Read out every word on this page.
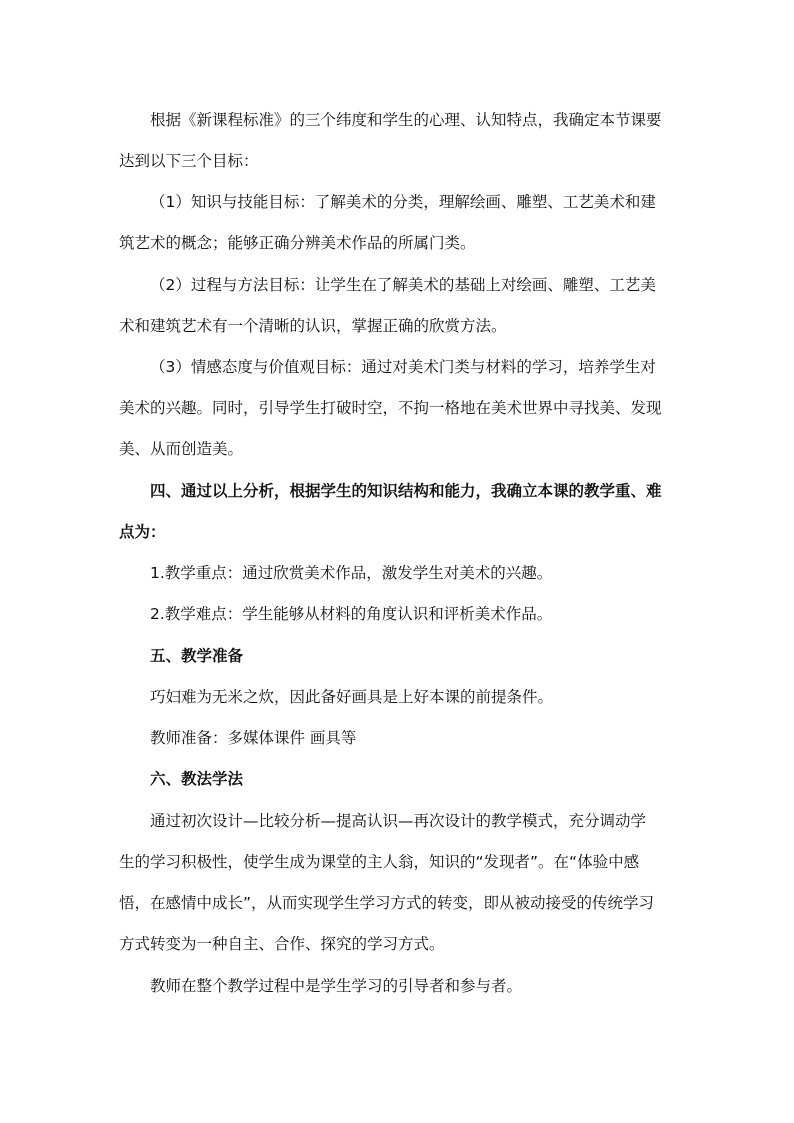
根据《新课程标准》的三个纬度和学生的心理、认知特点，我确定本节课要
达到以下三个目标：
（1）知识与技能目标：了解美术的分类，理解绘画、雕塑、工艺美术和建
筑艺术的概念；能够正确分辨美术作品的所属门类。
（2）过程与方法目标：让学生在了解美术的基础上对绘画、雕塑、工艺美
术和建筑艺术有一个清晰的认识，掌握正确的欣赏方法。
（3）情感态度与价值观目标：通过对美术门类与材料的学习，培养学生对
美术的兴趣。同时，引导学生打破时空，不拘一格地在美术世界中寻找美、发现
美、从而创造美。
四、通过以上分析，根据学生的知识结构和能力，我确立本课的教学重、难
点为：
1.教学重点：通过欣赏美术作品，激发学生对美术的兴趣。
2.教学难点：学生能够从材料的角度认识和评析美术作品。
五、教学准备
巧妇难为无米之炊，因此备好画具是上好本课的前提条件。
教师准备：多媒体课件 画具等
六、教法学法
通过初次设计—比较分析—提高认识—再次设计的教学模式，充分调动学
生的学习积极性，使学生成为课堂的主人翁，知识的“发现者”。在“体验中感
悟，在感情中成长”，从而实现学生学习方式的转变，即从被动接受的传统学习
方式转变为一种自主、合作、探究的学习方式。
教师在整个教学过程中是学生学习的引导者和参与者。
